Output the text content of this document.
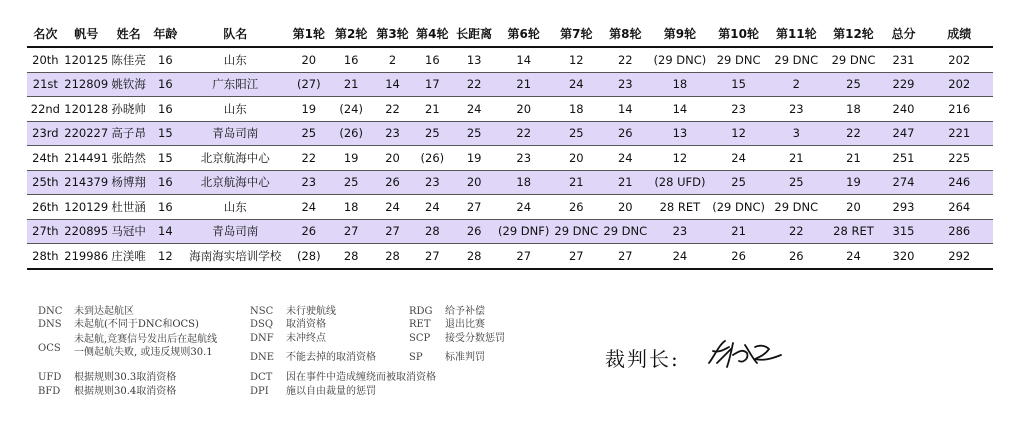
名次	帆号	姓名	年龄	队名	第1轮	第2轮	第3轮	第4轮	长距离	第6轮	第7轮	第8轮	第9轮	第10轮	第11轮	第12轮	总分	成绩
20th	120125	陈佳亮	16	山东	20	16	2	16	13	14	12	22	(29 DNC)	29 DNC	29 DNC	29 DNC	231	202
21st	212809	姚钦海	16	广东阳江	(27)	21	14	17	22	21	24	23	18	15	2	25	229	202
22nd	120128	孙晓帅	16	山东	19	(24)	22	21	24	20	18	14	14	23	23	18	240	216
23rd	220227	高子昂	15	青岛司南	25	(26)	23	25	25	22	25	26	13	12	3	22	247	221
24th	214491	张皓然	15	北京航海中心	22	19	20	(26)	19	23	20	24	12	24	21	21	251	225
25th	214379	杨博翔	16	北京航海中心	23	25	26	23	20	18	21	21	(28 UFD)	25	25	19	274	246
26th	120129	杜世涵	16	山东	24	18	24	24	27	24	26	20	28 RET	(29 DNC)	29 DNC	20	293	264
27th	220895	马冠中	14	青岛司南	26	27	27	28	26	(29 DNF)	29 DNC	29 DNC	23	21	22	28 RET	315	286
28th	219986	庄渼唯	12	海南海实培训学校	(28)	28	28	27	28	27	27	27	24	26	26	24	320	292
DNC 未到达起航区
DNS 未起航(不同于DNC和OCS)
OCS
未起航,竞赛信号发出后在起航线
一侧起航失败, 或违反规则30.1
UFD 根据规则30.3取消资格
BFD 根据规则30.4取消资格
NSC 未行驶航线
DSQ 取消资格
DNF 未冲终点
DNE 不能去掉的取消资格
DCT 因在事件中造成缠绕而被取消资格
DPI 施以自由裁量的惩罚
RDG 给予补偿
RET 退出比赛
SCP 接受分数惩罚
SP 标准判罚	裁判长:
